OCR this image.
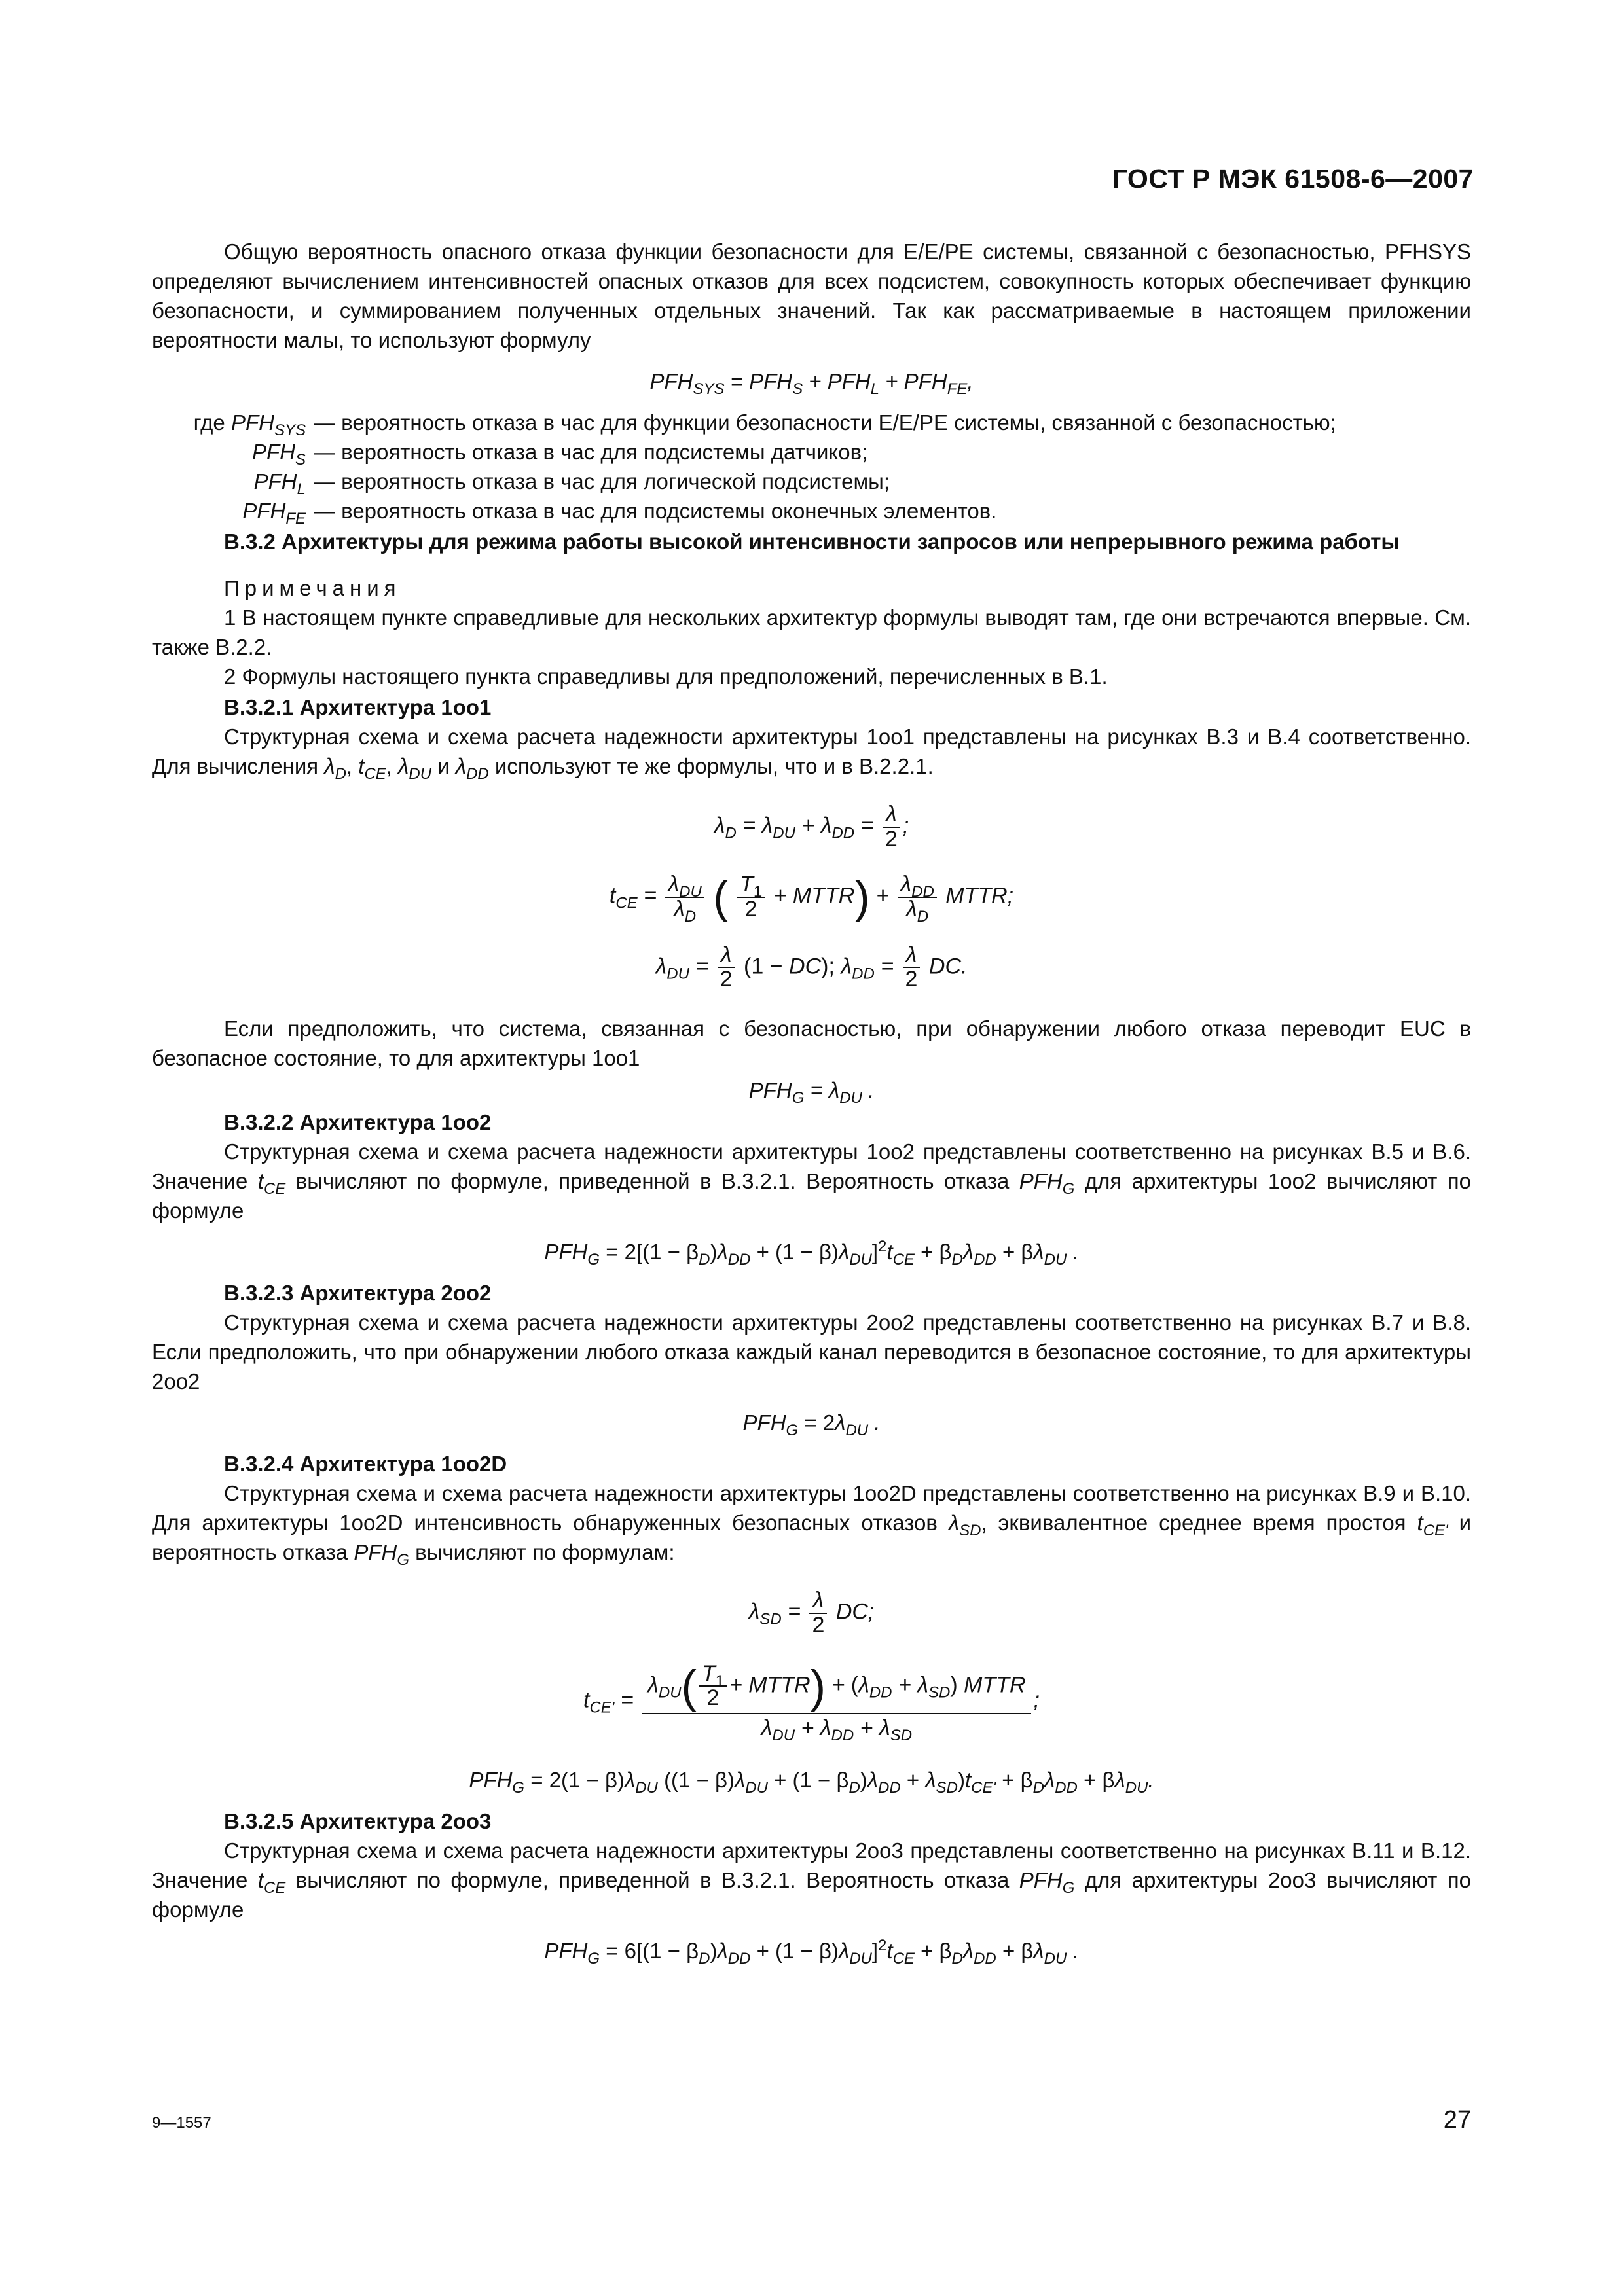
ГОСТ Р МЭК 61508-6—2007

Общую вероятность опасного отказа функции безопасности для Е/Е/РЕ системы, связанной с безопасностью, PFHSYS определяют вычислением интенсивностей опасных отказов для всех подсистем, совокупность которых обеспечивает функцию безопасности, и суммированием полученных отдельных значений. Так как рассматриваемые в настоящем приложении вероятности малы, то используют формулу

$PFH_{SYS} = PFH_S + PFH_L + PFH_{FE}$,
где $PFH_{SYS}$ — вероятность отказа в час для функции безопасности Е/Е/РЕ системы, связанной с безопасностью;
$PFH_S$ — вероятность отказа в час для подсистемы датчиков;
$PFH_L$ — вероятность отказа в час для логической подсистемы;
$PFH_{FE}$ — вероятность отказа в час для подсистемы оконечных элементов.

В.3.2 Архитектуры для режима работы высокой интенсивности запросов или непрерывного режима работы

Примечания

1 В настоящем пункте справедливые для нескольких архитектур формулы выводят там, где они встречаются впервые. См. также В.2.2.

2 Формулы настоящего пункта справедливы для предположений, перечисленных в В.1.

В.3.2.1 Архитектура 1oo1

Структурная схема и схема расчета надежности архитектуры 1оо1 представлены на рисунках В.3 и В.4 соответственно. Для вычисления $\lambda_D$, $t_{CE}$, $\lambda_{DU}$ и $\lambda_{DD}$ используют те же формулы, что и в В.2.2.1.

$\lambda_D = \lambda_{DU} + \lambda_{DD} = \frac{\lambda}{2}$ ;
$t_{CE} = \frac{\lambda_{DU}}{\lambda_D}$ ( $\frac{T_1}{2}$ + MTTR) + $\frac{\lambda_{DD}}{\lambda_D}$ MTTR;
$\lambda_{DU} = \frac{\lambda}{2} (1 - DC)$; $\lambda_{DD} = \frac{\lambda}{2}$ DC.

Если предположить, что система, связанная с безопасностью, при обнаружении любого отказа переводит EUC в безопасное состояние, то для архитектуры 1оо1

$PFH_G = \lambda_{DU}$ .

В.3.2.2 Архитектура 1oo2

Структурная схема и схема расчета надежности архитектуры 1оо2 представлены соответственно на рисунках В.5 и В.6. Значение $t_{CE}$ вычисляют по формуле, приведенной в В.3.2.1. Вероятность отказа $PFH_G$ для архитектуры 1оо2 вычисляют по формуле

$PFH_G = 2[(1 - \beta_D)\lambda_{DD} + (1 - \beta)\lambda_{DU}]^2t_{CE} + \beta_D\lambda_{DD} + \beta\lambda_{DU}$ .

В.3.2.3 Архитектура 2oo2

Структурная схема и схема расчета надежности архитектуры 2оо2 представлены соответственно на рисунках В.7 и В.8. Если предположить, что при обнаружении любого отказа каждый канал переводится в безопасное состояние, то для архитектуры 2оо2

$PFH_G = 2\lambda_{DU}$ .

В.3.2.4 Архитектура 1oo2D

Структурная схема и схема расчета надежности архитектуры 1оо2D представлены соответственно на рисунках В.9 и В.10. Для архитектуры 1оо2D интенсивность обнаруженных безопасных отказов $\lambda_{SD}$, эквивалентное среднее время простоя $t_{CE'}$ и вероятность отказа $PFH_G$ вычисляют по формулам:

$\lambda_{SD} = \frac{\lambda}{2}$ DC;
$t_{CE'} = \frac{\lambda_{DU}( \frac{T_1}{2} + MTTR) + (\lambda_{DD} + \lambda_{SD}) MTTR}{\lambda_{DU} + \lambda_{DD} + \lambda_{SD}}$ ;
$PFH_G = 2(1 - \beta)\lambda_{DU}$ $((1 - \beta)\lambda_{DU} + (1 - \beta_D)\lambda_{DD} + \lambda_{SD})t_{CE'} + \beta_D\lambda_{DD} + \beta\lambda_{DU}$.

В.3.2.5 Архитектура 2oo3

Структурная схема и схема расчета надежности архитектуры 2оо3 представлены соответственно на рисунках В.11 и В.12. Значение $t_{CE}$ вычисляют по формуле, приведенной в В.3.2.1. Вероятность отказа $PFH_G$ для архитектуры 2оо3 вычисляют по формуле

$PFH_G = 6[(1 - \beta_D)\lambda_{DD} + (1 - \beta)\lambda_{DU}]^2t_{CE} + \beta_D\lambda_{DD} + \beta\lambda_{DU}$ .
9—1557	27
